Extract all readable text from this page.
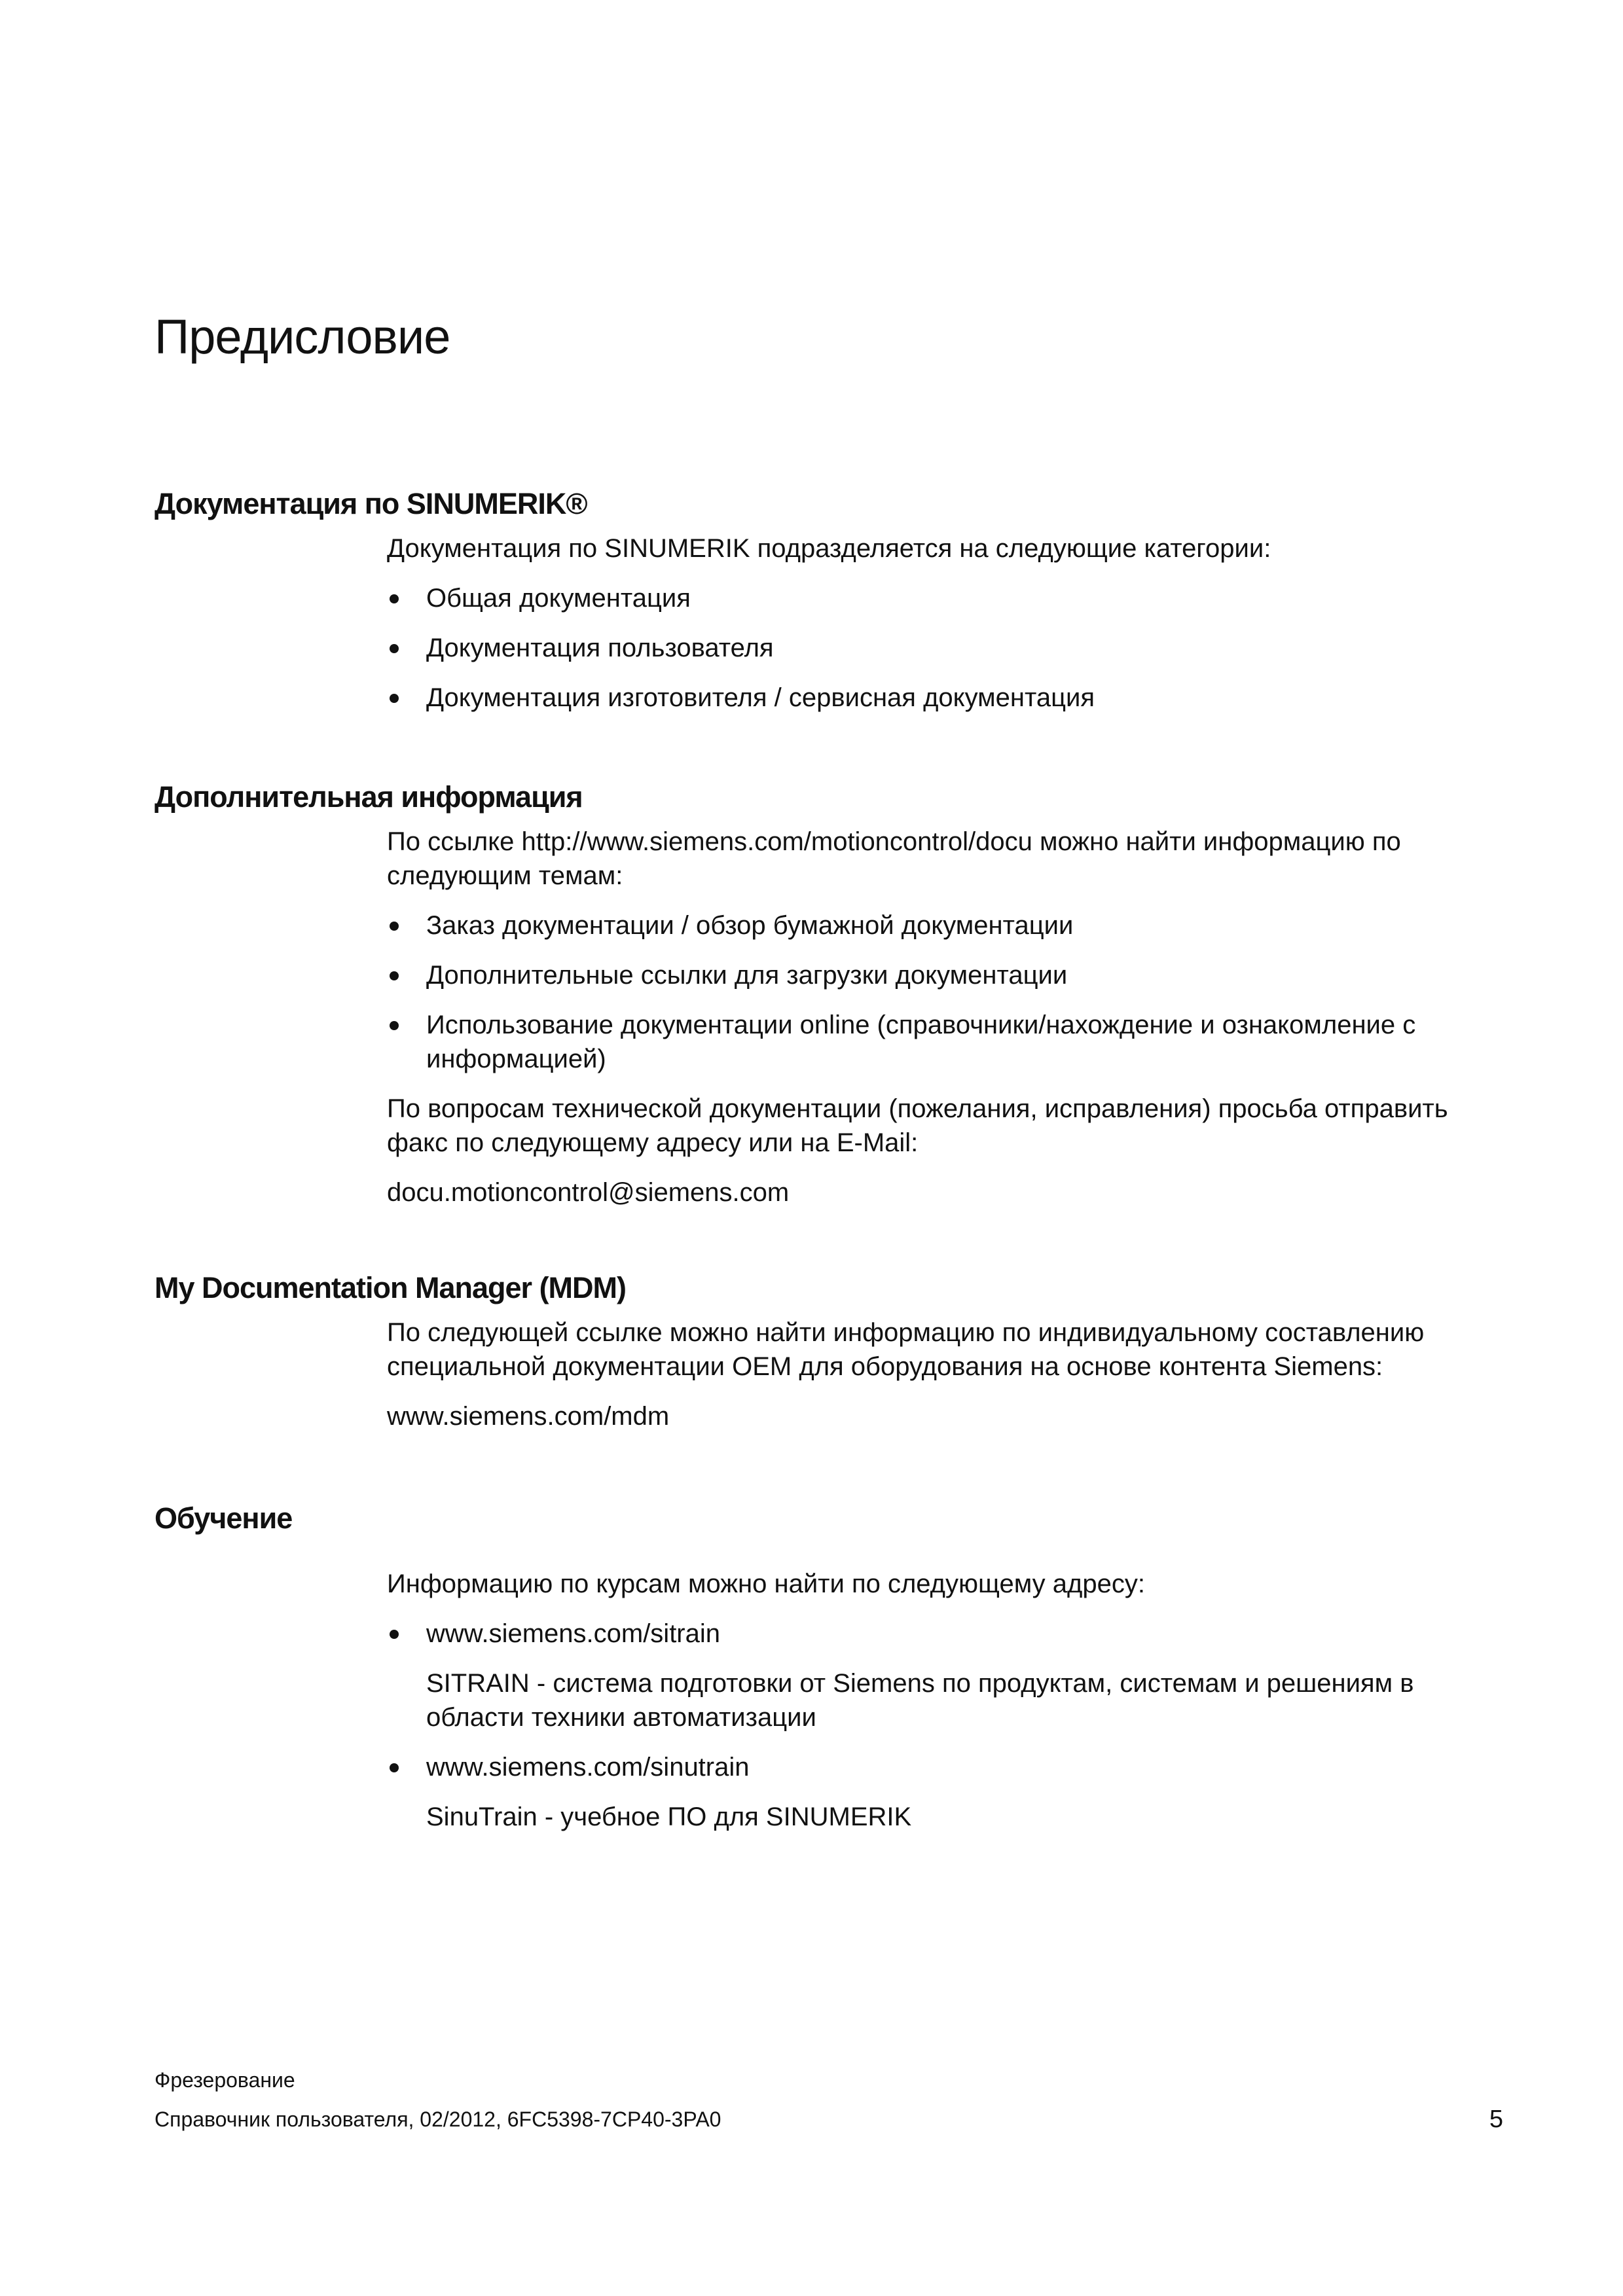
Предисловие
Документация по SINUMERIK®

Документация по SINUMERIK подразделяется на следующие категории:

Общая документация
Документация пользователя
Документация изготовителя / сервисная документация
Дополнительная информация

По ссылке http://www.siemens.com/motioncontrol/docu можно найти информацию по следующим темам:

Заказ документации / обзор бумажной документации
Дополнительные ссылки для загрузки документации
Использование документации online (справочники/нахождение и ознакомление с информацией)

По вопросам технической документации (пожелания, исправления) просьба отправить факс по следующему адресу или на E-Mail:

docu.motioncontrol@siemens.com

My Documentation Manager (MDM)

По следующей ссылке можно найти информацию по индивидуальному составлению специальной документации OEM для оборудования на основе контента Siemens:

www.siemens.com/mdm

Обучение

Информацию по курсам можно найти по следующему адресу:

www.siemens.com/sitrain
SITRAIN - система подготовки от Siemens по продуктам, системам и решениям в области техники автоматизации
www.siemens.com/sinutrain
SinuTrain - учебное ПО для SINUMERIK
Фрезерование
Справочник пользователя, 02/2012, 6FC5398-7CP40-3PA0	5
